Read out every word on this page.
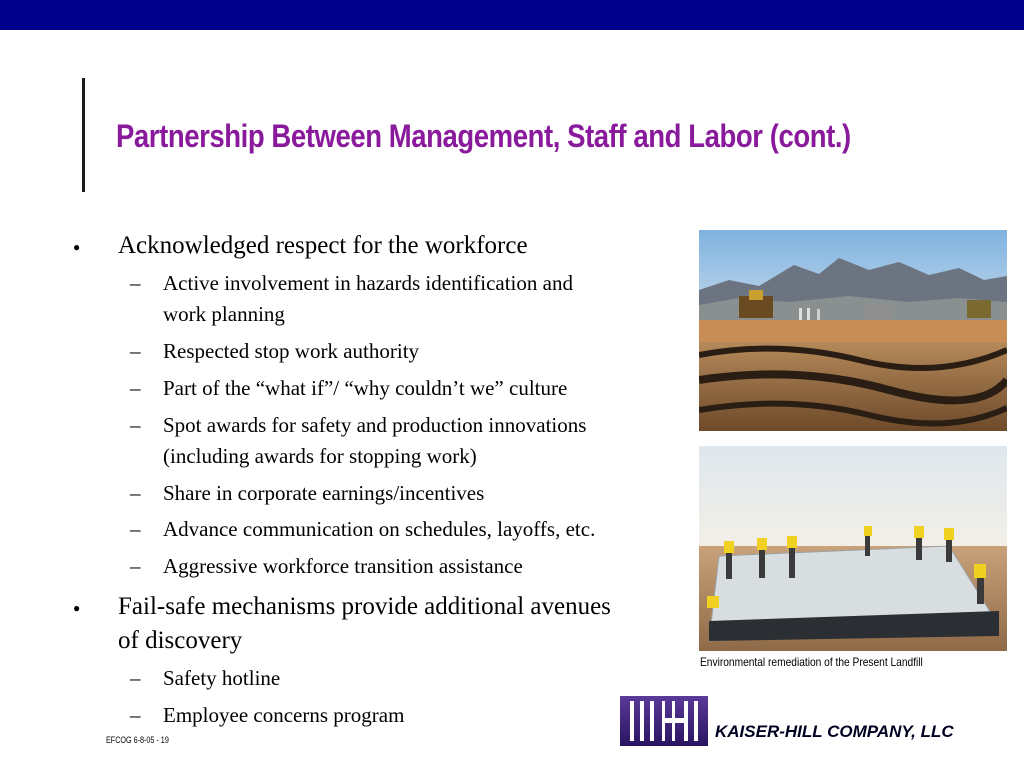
Partnership Between Management, Staff and Labor (cont.)
● Acknowledged respect for the workforce
– Active involvement in hazards identification and
work planning
– Respected stop work authority
– Part of the “what if”/ “why couldn’t we” culture
– Spot awards for safety and production innovations
(including awards for stopping work)
– Share in corporate earnings/incentives
– Advance communication on schedules, layoffs, etc.
– Aggressive workforce transition assistance
● Fail-safe mechanisms provide additional avenues
of discovery
– Safety hotline
– Employee concerns program
Environmental remediation of the Present Landfill
EFCOG 6-8-05 - 19	KAISER-HILL COMPANY, LLC
